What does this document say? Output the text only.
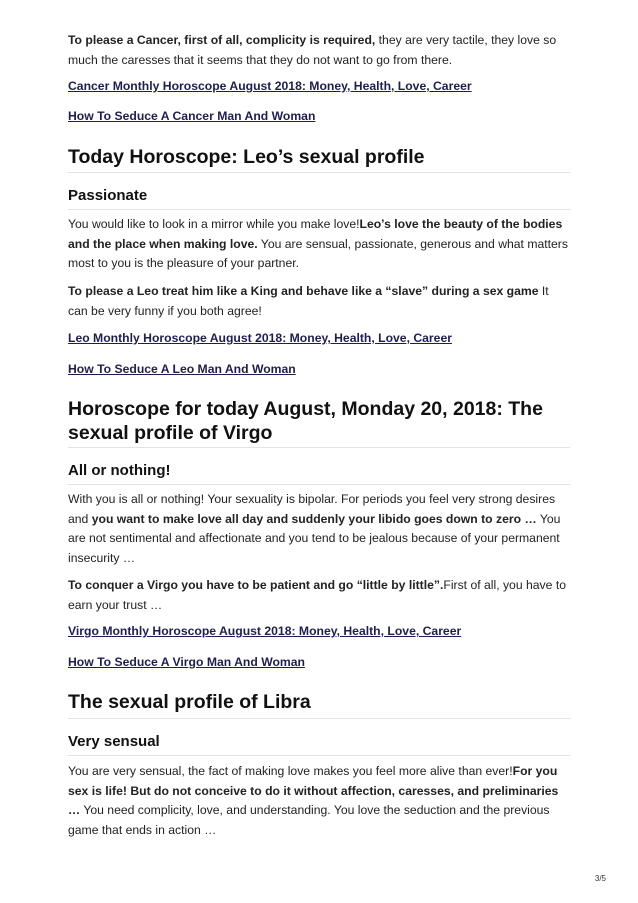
To please a Cancer, first of all, complicity is required, they are very tactile, they love so much the caresses that it seems that they do not want to go from there.

Cancer Monthly Horoscope August 2018: Money, Health, Love, Career
How To Seduce A Cancer Man And Woman
Today Horoscope: Leo’s sexual profile
Passionate

You would like to look in a mirror while you make love!Leo’s love the beauty of the bodies and the place when making love. You are sensual, passionate, generous and what matters most to you is the pleasure of your partner.

To please a Leo treat him like a King and behave like a “slave” during a sex game It can be very funny if you both agree!

Leo Monthly Horoscope August 2018: Money, Health, Love, Career
How To Seduce A Leo Man And Woman
Horoscope for today August, Monday 20, 2018: The
sexual profile of Virgo
All or nothing!

With you is all or nothing! Your sexuality is bipolar. For periods you feel very strong desires and you want to make love all day and suddenly your libido goes down to zero … You are not sentimental and affectionate and you tend to be jealous because of your permanent insecurity …

To conquer a Virgo you have to be patient and go “little by little”.First of all, you have to earn your trust …

Virgo Monthly Horoscope August 2018: Money, Health, Love, Career
How To Seduce A Virgo Man And Woman
The sexual profile of Libra
Very sensual

You are very sensual, the fact of making love makes you feel more alive than ever!For you sex is life! But do not conceive to do it without affection, caresses, and preliminaries … You need complicity, love, and understanding. You love the seduction and the previous game that ends in action …

3/5
